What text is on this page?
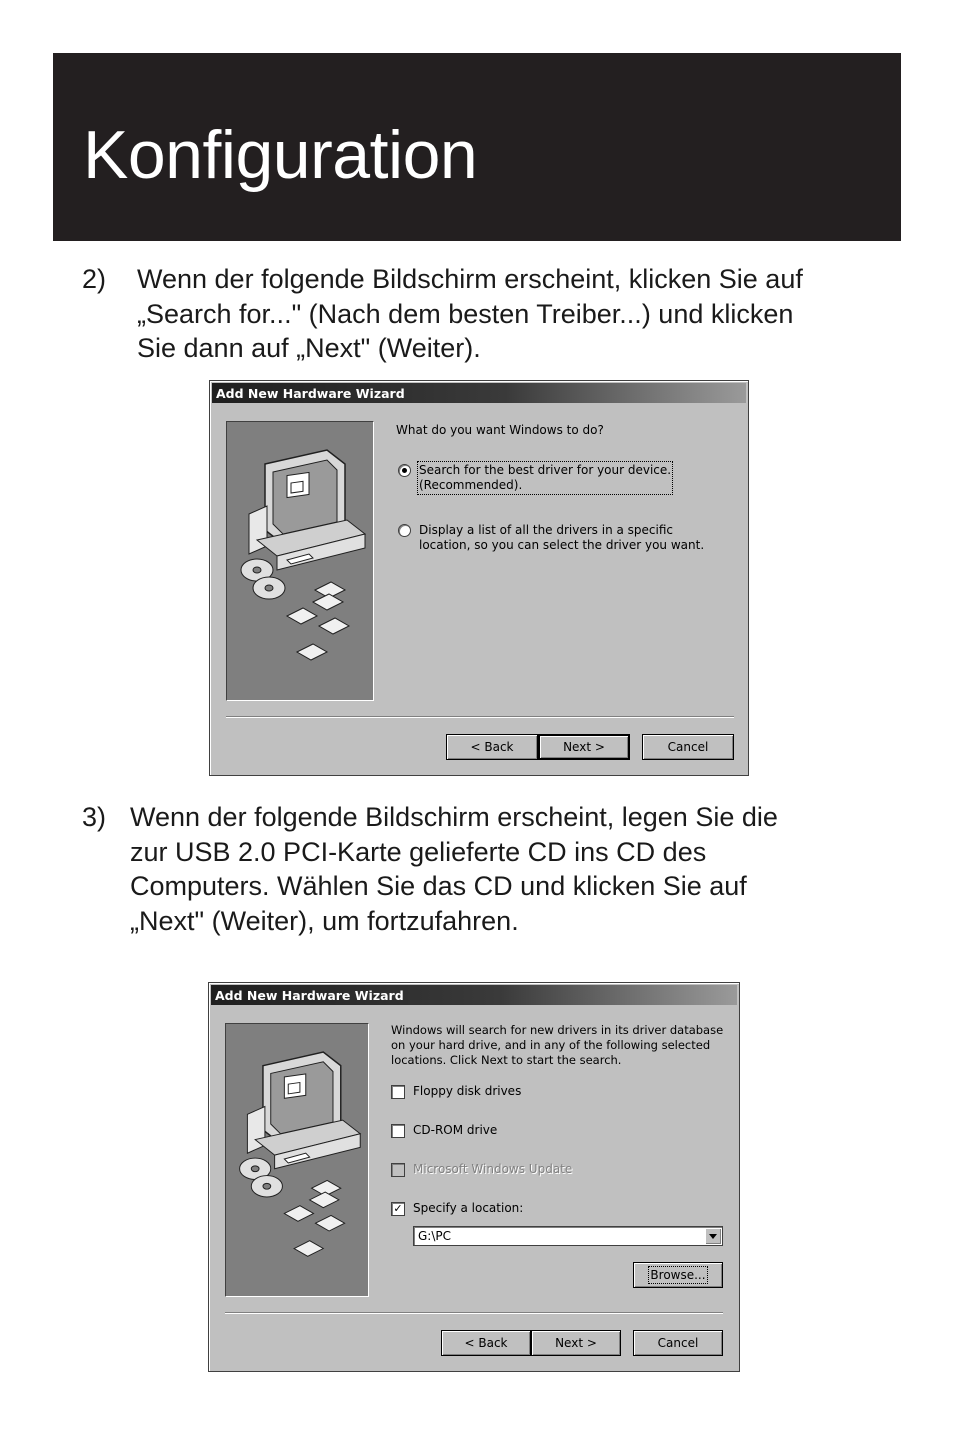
Konfiguration
2) Wenn der folgende Bildschirm erscheint, klicken Sie auf
„Search for..." (Nach dem besten Treiber...) und klicken
Sie dann auf „Next" (Weiter).
Add New Hardware Wizard
What do you want Windows to do?
Search for the best driver for your device.
(Recommended).
Display a list of all the drivers in a specific
location, so you can select the driver you want.
< Back	Next >	Cancel
3) Wenn der folgende Bildschirm erscheint, legen Sie die
zur USB 2.0 PCI-Karte gelieferte CD ins CD des
Computers. Wählen Sie das CD und klicken Sie auf
„Next" (Weiter), um fortzufahren.
Add New Hardware Wizard
Windows will search for new drivers in its driver database
on your hard drive, and in any of the following selected
locations. Click Next to start the search.
Floppy disk drives
CD-ROM drive
Microsoft Windows Update
✓ Specify a location:
G:\PC
Browse...
< Back	Next >	Cancel
